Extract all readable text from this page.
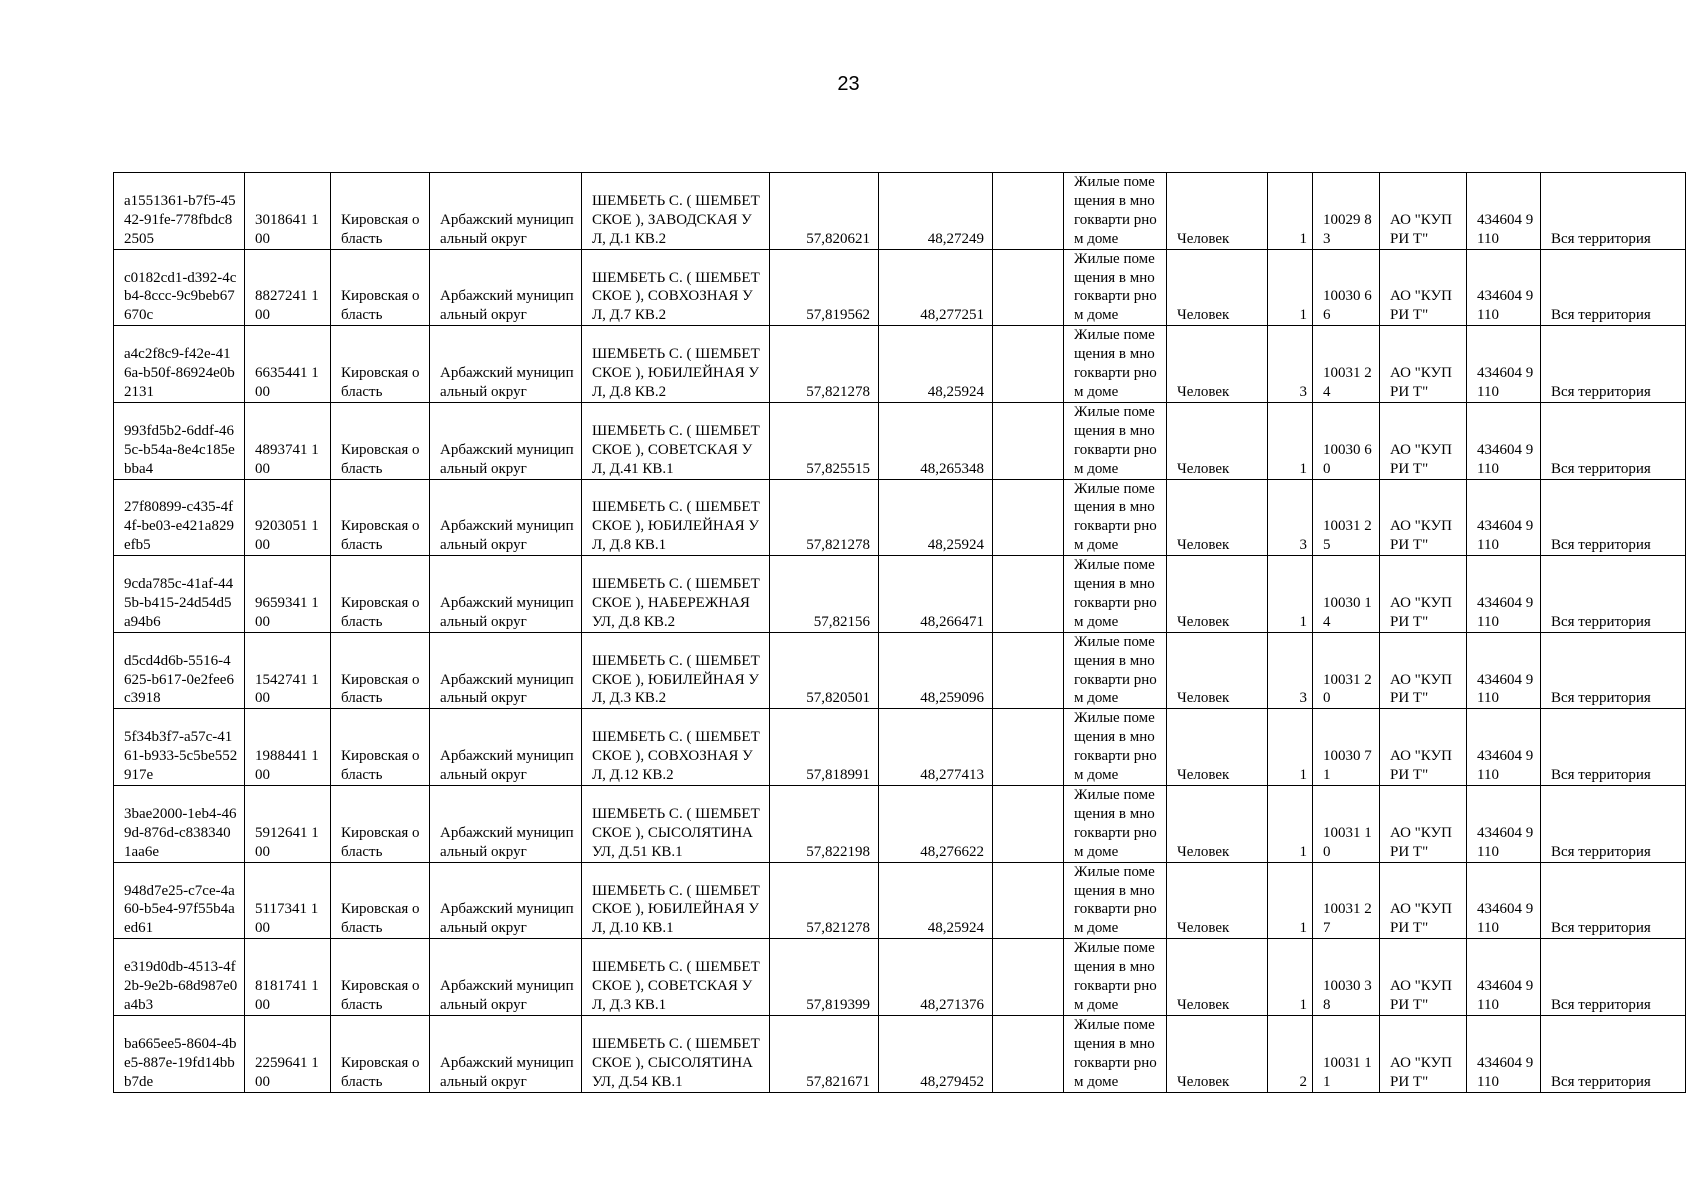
23
a1551361-b7f5-4542-91fe-778fbdc82505	3018641 100	Кировская область	Арбажский муниципальный округ	ШЕМБЕТЬ С. ( ШЕМБЕТСКОЕ ), ЗАВОДСКАЯ УЛ, Д.1 КВ.2	57,820621	48,27249		Жилые помещения в многокварти рном доме	Человек	1	10029 83	АО "КУПРИ Т"	434604 9110	Вся территория
c0182cd1-d392-4cb4-8ccc-9c9beb67670c	8827241 100	Кировская область	Арбажский муниципальный округ	ШЕМБЕТЬ С. ( ШЕМБЕТСКОЕ ), СОВХОЗНАЯ УЛ, Д.7 КВ.2	57,819562	48,277251		Жилые помещения в многокварти рном доме	Человек	1	10030 66	АО "КУПРИ Т"	434604 9110	Вся территория
a4c2f8c9-f42e-416a-b50f-86924e0b2131	6635441 100	Кировская область	Арбажский муниципальный округ	ШЕМБЕТЬ С. ( ШЕМБЕТСКОЕ ), ЮБИЛЕЙНАЯ УЛ, Д.8 КВ.2	57,821278	48,25924		Жилые помещения в многокварти рном доме	Человек	3	10031 24	АО "КУПРИ Т"	434604 9110	Вся территория
993fd5b2-6ddf-465c-b54a-8e4c185ebba4	4893741 100	Кировская область	Арбажский муниципальный округ	ШЕМБЕТЬ С. ( ШЕМБЕТСКОЕ ), СОВЕТСКАЯ УЛ, Д.41 КВ.1	57,825515	48,265348		Жилые помещения в многокварти рном доме	Человек	1	10030 60	АО "КУПРИ Т"	434604 9110	Вся территория
27f80899-c435-4f4f-be03-e421a829efb5	9203051 100	Кировская область	Арбажский муниципальный округ	ШЕМБЕТЬ С. ( ШЕМБЕТСКОЕ ), ЮБИЛЕЙНАЯ УЛ, Д.8 КВ.1	57,821278	48,25924		Жилые помещения в многокварти рном доме	Человек	3	10031 25	АО "КУПРИ Т"	434604 9110	Вся территория
9cda785c-41af-445b-b415-24d54d5a94b6	9659341 100	Кировская область	Арбажский муниципальный округ	ШЕМБЕТЬ С. ( ШЕМБЕТСКОЕ ), НАБЕРЕЖНАЯ УЛ, Д.8 КВ.2	57,82156	48,266471		Жилые помещения в многокварти рном доме	Человек	1	10030 14	АО "КУПРИ Т"	434604 9110	Вся территория
d5cd4d6b-5516-4625-b617-0e2fee6c3918	1542741 100	Кировская область	Арбажский муниципальный округ	ШЕМБЕТЬ С. ( ШЕМБЕТСКОЕ ), ЮБИЛЕЙНАЯ УЛ, Д.3 КВ.2	57,820501	48,259096		Жилые помещения в многокварти рном доме	Человек	3	10031 20	АО "КУПРИ Т"	434604 9110	Вся территория
5f34b3f7-a57c-4161-b933-5c5be552917e	1988441 100	Кировская область	Арбажский муниципальный округ	ШЕМБЕТЬ С. ( ШЕМБЕТСКОЕ ), СОВХОЗНАЯ УЛ, Д.12 КВ.2	57,818991	48,277413		Жилые помещения в многокварти рном доме	Человек	1	10030 71	АО "КУПРИ Т"	434604 9110	Вся территория
3bae2000-1eb4-469d-876d-c8383401aa6e	5912641 100	Кировская область	Арбажский муниципальный округ	ШЕМБЕТЬ С. ( ШЕМБЕТСКОЕ ), СЫСОЛЯТИНА УЛ, Д.51 КВ.1	57,822198	48,276622		Жилые помещения в многокварти рном доме	Человек	1	10031 10	АО "КУПРИ Т"	434604 9110	Вся территория
948d7e25-c7ce-4a60-b5e4-97f55b4aed61	5117341 100	Кировская область	Арбажский муниципальный округ	ШЕМБЕТЬ С. ( ШЕМБЕТСКОЕ ), ЮБИЛЕЙНАЯ УЛ, Д.10 КВ.1	57,821278	48,25924		Жилые помещения в многокварти рном доме	Человек	1	10031 27	АО "КУПРИ Т"	434604 9110	Вся территория
e319d0db-4513-4f2b-9e2b-68d987e0a4b3	8181741 100	Кировская область	Арбажский муниципальный округ	ШЕМБЕТЬ С. ( ШЕМБЕТСКОЕ ), СОВЕТСКАЯ УЛ, Д.3 КВ.1	57,819399	48,271376		Жилые помещения в многокварти рном доме	Человек	1	10030 38	АО "КУПРИ Т"	434604 9110	Вся территория
ba665ee5-8604-4be5-887e-19fd14bbb7de	2259641 100	Кировская область	Арбажский муниципальный округ	ШЕМБЕТЬ С. ( ШЕМБЕТСКОЕ ), СЫСОЛЯТИНА УЛ, Д.54 КВ.1	57,821671	48,279452		Жилые помещения в многокварти рном доме	Человек	2	10031 11	АО "КУПРИ Т"	434604 9110	Вся территория
